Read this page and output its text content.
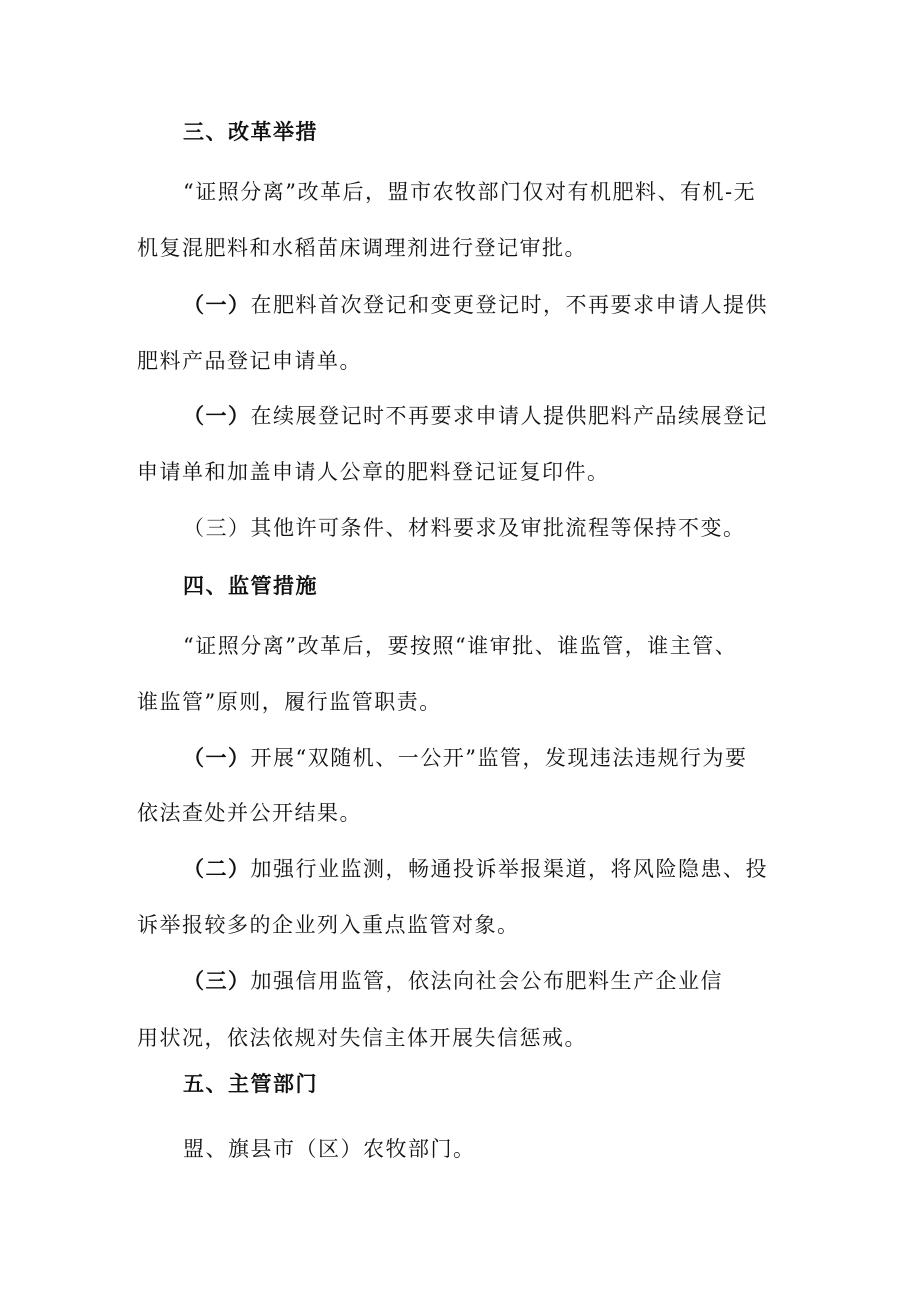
三、改革举措
“证照分离”改革后，盟市农牧部门仅对有机肥料、有机-无
机复混肥料和水稻苗床调理剂进行登记审批。
（一）在肥料首次登记和变更登记时，不再要求申请人提供
肥料产品登记申请单。
（一）在续展登记时不再要求申请人提供肥料产品续展登记
申请单和加盖申请人公章的肥料登记证复印件。
（三）其他许可条件、材料要求及审批流程等保持不变。
四、监管措施
“证照分离”改革后，要按照“谁审批、谁监管，谁主管、
谁监管”原则，履行监管职责。
（一）开展“双随机、一公开”监管，发现违法违规行为要
依法查处并公开结果。
（二）加强行业监测，畅通投诉举报渠道，将风险隐患、投
诉举报较多的企业列入重点监管对象。
（三）加强信用监管，依法向社会公布肥料生产企业信
用状况，依法依规对失信主体开展失信惩戒。
五、主管部门
盟、旗县市（区）农牧部门。
